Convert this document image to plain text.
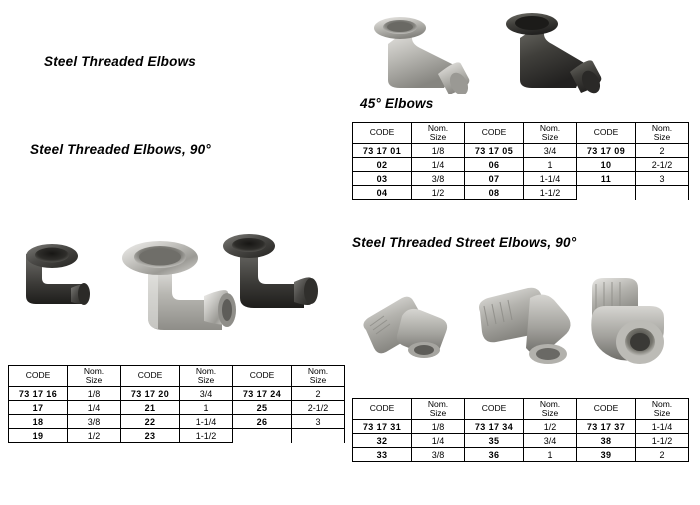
Steel Threaded Elbows
Steel Threaded Elbows, 90°
45° Elbows
Steel Threaded Street Elbows, 90°
CODE	Nom.
Size	CODE	Nom.
Size	CODE	Nom.
Size

73 17 16	1/8	73 17 20	3/4	73 17 24	2
17	1/4	21	1	25	2-1/2
18	3/8	22	1-1/4	26	3
19	1/2	23	1-1/2		
CODE	Nom.
Size	CODE	Nom.
Size	CODE	Nom.
Size

73 17 01	1/8	73 17 05	3/4	73 17 09	2
02	1/4	06	1	10	2-1/2
03	3/8	07	1-1/4	11	3
04	1/2	08	1-1/2		
CODE	Nom.
Size	CODE	Nom.
Size	CODE	Nom.
Size

73 17 31	1/8	73 17 34	1/2	73 17 37	1-1/4
32	1/4	35	3/4	38	1-1/2
33	3/8	36	1	39	2
